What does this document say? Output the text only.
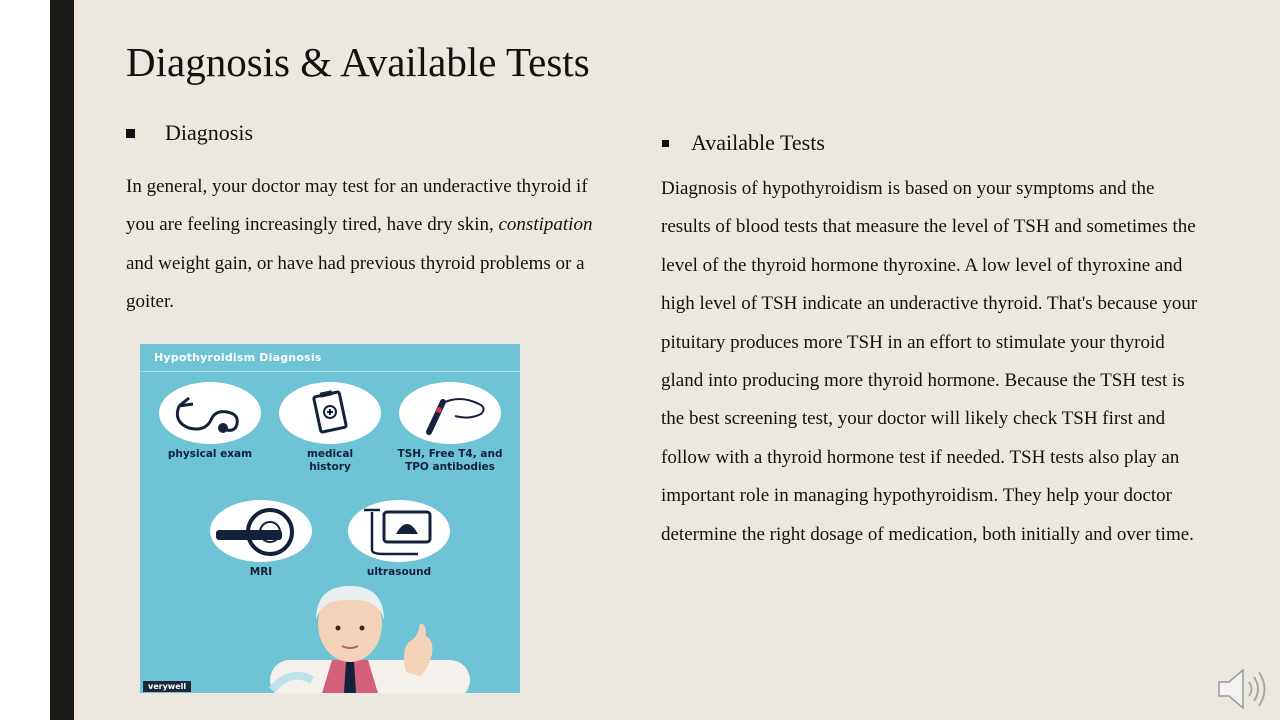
Diagnosis & Available Tests
Diagnosis
In general, your doctor may test for an underactive thyroid if you are feeling increasingly tired, have dry skin, constipation and weight gain, or have had previous thyroid problems or a goiter.
Hypothyroidism Diagnosis
physical exam	medical history
TSH, Free T4, and TPO antibodies
MRI	ultrasound
verywell
Available Tests
Diagnosis of hypothyroidism is based on your symptoms and the results of blood tests that measure the level of TSH and sometimes the level of the thyroid hormone thyroxine. A low level of thyroxine and high level of TSH indicate an underactive thyroid. That's because your pituitary produces more TSH in an effort to stimulate your thyroid gland into producing more thyroid hormone. Because the TSH test is the best screening test, your doctor will likely check TSH first and follow with a thyroid hormone test if needed. TSH tests also play an important role in managing hypothyroidism. They help your doctor determine the right dosage of medication, both initially and over time.
